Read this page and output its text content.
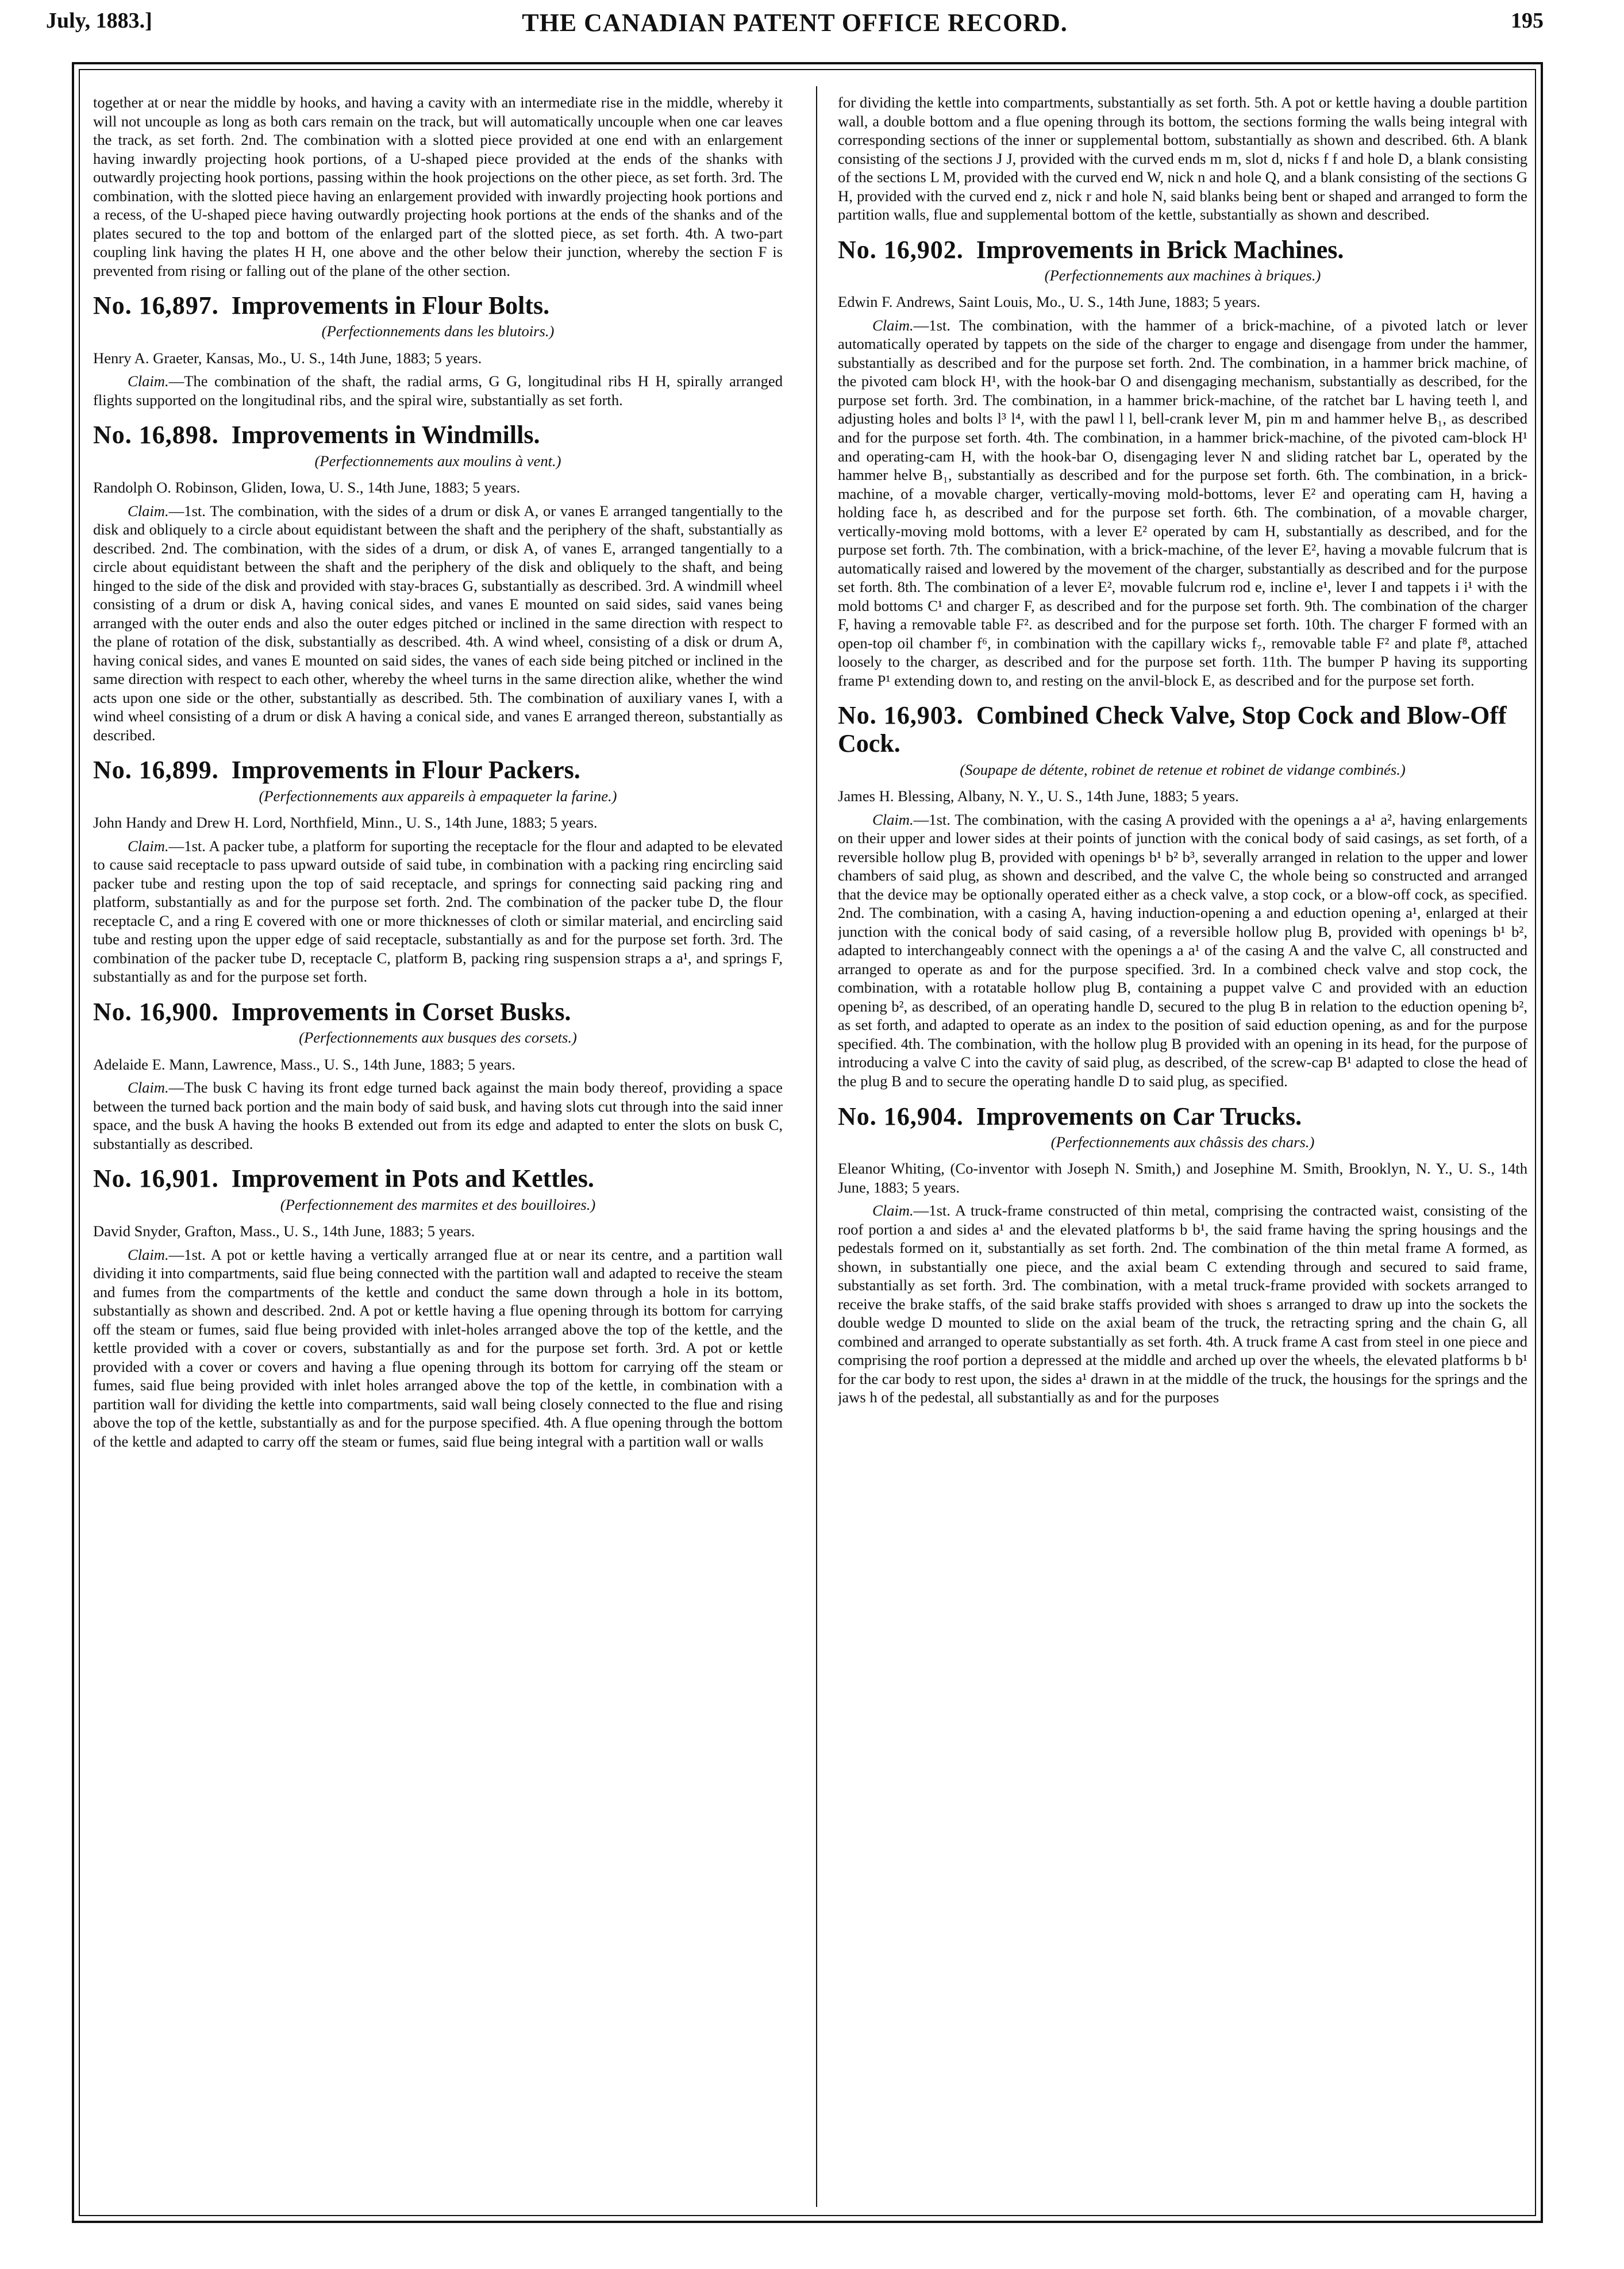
July, 1883.]	THE CANADIAN PATENT OFFICE RECORD.	195

together at or near the middle by hooks, and having a cavity with an intermediate rise in the middle, whereby it will not uncouple as long as both cars remain on the track, but will automatically uncouple when one car leaves the track, as set forth. 2nd. The combination with a slotted piece provided at one end with an enlargement having inwardly projecting hook portions, of a U-shaped piece provided at the ends of the shanks with outwardly projecting hook portions, passing within the hook projections on the other piece, as set forth. 3rd. The combination, with the slotted piece having an enlargement provided with inwardly projecting hook portions and a recess, of the U-shaped piece having outwardly projecting hook portions at the ends of the shanks and of the plates secured to the top and bottom of the enlarged part of the slotted piece, as set forth. 4th. A two-part coupling link having the plates H H, one above and the other below their junction, whereby the section F is prevented from rising or falling out of the plane of the other section.

No. 16,897. Improvements in Flour Bolts.

(Perfectionnements dans les blutoirs.)

Henry A. Graeter, Kansas, Mo., U. S., 14th June, 1883; 5 years.

Claim.—The combination of the shaft, the radial arms, G G, longitudinal ribs H H, spirally arranged flights supported on the longitudinal ribs, and the spiral wire, substantially as set forth.

No. 16,898. Improvements in Windmills.

(Perfectionnements aux moulins à vent.)

Randolph O. Robinson, Gliden, Iowa, U. S., 14th June, 1883; 5 years.

Claim.—1st. The combination, with the sides of a drum or disk A, or vanes E arranged tangentially to the disk and obliquely to a circle about equidistant between the shaft and the periphery of the shaft, substantially as described. 2nd. The combination, with the sides of a drum, or disk A, of vanes E, arranged tangentially to a circle about equidistant between the shaft and the periphery of the disk and obliquely to the shaft, and being hinged to the side of the disk and provided with stay-braces G, substantially as described. 3rd. A windmill wheel consisting of a drum or disk A, having conical sides, and vanes E mounted on said sides, said vanes being arranged with the outer ends and also the outer edges pitched or inclined in the same direction with respect to the plane of rotation of the disk, substantially as described. 4th. A wind wheel, consisting of a disk or drum A, having conical sides, and vanes E mounted on said sides, the vanes of each side being pitched or inclined in the same direction with respect to each other, whereby the wheel turns in the same direction alike, whether the wind acts upon one side or the other, substantially as described. 5th. The combination of auxiliary vanes I, with a wind wheel consisting of a drum or disk A having a conical side, and vanes E arranged thereon, substantially as described.

No. 16,899. Improvements in Flour Packers.

(Perfectionnements aux appareils à empaqueter la farine.)

John Handy and Drew H. Lord, Northfield, Minn., U. S., 14th June, 1883; 5 years.

Claim.—1st. A packer tube, a platform for suporting the receptacle for the flour and adapted to be elevated to cause said receptacle to pass upward outside of said tube, in combination with a packing ring encircling said packer tube and resting upon the top of said receptacle, and springs for connecting said packing ring and platform, substantially as and for the purpose set forth. 2nd. The combination of the packer tube D, the flour receptacle C, and a ring E covered with one or more thicknesses of cloth or similar material, and encircling said tube and resting upon the upper edge of said receptacle, substantially as and for the purpose set forth. 3rd. The combination of the packer tube D, receptacle C, platform B, packing ring suspension straps a a¹, and springs F, substantially as and for the purpose set forth.

No. 16,900. Improvements in Corset Busks.

(Perfectionnements aux busques des corsets.)

Adelaide E. Mann, Lawrence, Mass., U. S., 14th June, 1883; 5 years.

Claim.—The busk C having its front edge turned back against the main body thereof, providing a space between the turned back portion and the main body of said busk, and having slots cut through into the said inner space, and the busk A having the hooks B extended out from its edge and adapted to enter the slots on busk C, substantially as described.

No. 16,901. Improvement in Pots and Kettles.

(Perfectionnement des marmites et des bouilloires.)

David Snyder, Grafton, Mass., U. S., 14th June, 1883; 5 years.

Claim.—1st. A pot or kettle having a vertically arranged flue at or near its centre, and a partition wall dividing it into compartments, said flue being connected with the partition wall and adapted to receive the steam and fumes from the compartments of the kettle and conduct the same down through a hole in its bottom, substantially as shown and described. 2nd. A pot or kettle having a flue opening through its bottom for carrying off the steam or fumes, said flue being provided with inlet-holes arranged above the top of the kettle, and the kettle provided with a cover or covers, substantially as and for the purpose set forth. 3rd. A pot or kettle provided with a cover or covers and having a flue opening through its bottom for carrying off the steam or fumes, said flue being provided with inlet holes arranged above the top of the kettle, in combination with a partition wall for dividing the kettle into compartments, said wall being closely connected to the flue and rising above the top of the kettle, substantially as and for the purpose specified. 4th. A flue opening through the bottom of the kettle and adapted to carry off the steam or fumes, said flue being integral with a partition wall or walls

for dividing the kettle into compartments, substantially as set forth. 5th. A pot or kettle having a double partition wall, a double bottom and a flue opening through its bottom, the sections forming the walls being integral with corresponding sections of the inner or supplemental bottom, substantially as shown and described. 6th. A blank consisting of the sections J J, provided with the curved ends m m, slot d, nicks f f and hole D, a blank consisting of the sections L M, provided with the curved end W, nick n and hole Q, and a blank consisting of the sections G H, provided with the curved end z, nick r and hole N, said blanks being bent or shaped and arranged to form the partition walls, flue and supplemental bottom of the kettle, substantially as shown and described.

No. 16,902. Improvements in Brick Machines.

(Perfectionnements aux machines à briques.)

Edwin F. Andrews, Saint Louis, Mo., U. S., 14th June, 1883; 5 years.

Claim.—1st. The combination, with the hammer of a brick-machine, of a pivoted latch or lever automatically operated by tappets on the side of the charger to engage and disengage from under the hammer, substantially as described and for the purpose set forth. 2nd. The combination, in a hammer brick machine, of the pivoted cam block H¹, with the hook-bar O and disengaging mechanism, substantially as described, for the purpose set forth. 3rd. The combination, in a hammer brick-machine, of the ratchet bar L having teeth l, and adjusting holes and bolts l³ l⁴, with the pawl l l, bell-crank lever M, pin m and hammer helve B₁, as described and for the purpose set forth. 4th. The combination, in a hammer brick-machine, of the pivoted cam-block H¹ and operating-cam H, with the hook-bar O, disengaging lever N and sliding ratchet bar L, operated by the hammer helve B₁, substantially as described and for the purpose set forth. 6th. The combination, in a brick-machine, of a movable charger, vertically-moving mold-bottoms, lever E² and operating cam H, having a holding face h, as described and for the purpose set forth. 6th. The combination, of a movable charger, vertically-moving mold bottoms, with a lever E² operated by cam H, substantially as described, and for the purpose set forth. 7th. The combination, with a brick-machine, of the lever E², having a movable fulcrum that is automatically raised and lowered by the movement of the charger, substantially as described and for the purpose set forth. 8th. The combination of a lever E², movable fulcrum rod e, incline e¹, lever I and tappets i i¹ with the mold bottoms C¹ and charger F, as described and for the purpose set forth. 9th. The combination of the charger F, having a removable table F². as described and for the purpose set forth. 10th. The charger F formed with an open-top oil chamber f⁶, in combination with the capillary wicks f₇, removable table F² and plate f⁸, attached loosely to the charger, as described and for the purpose set forth. 11th. The bumper P having its supporting frame P¹ extending down to, and resting on the anvil-block E, as described and for the purpose set forth.

No. 16,903. Combined Check Valve, Stop Cock and Blow-Off Cock.

(Soupape de détente, robinet de retenue et robinet de vidange combinés.)

James H. Blessing, Albany, N. Y., U. S., 14th June, 1883; 5 years.

Claim.—1st. The combination, with the casing A provided with the openings a a¹ a², having enlargements on their upper and lower sides at their points of junction with the conical body of said casings, as set forth, of a reversible hollow plug B, provided with openings b¹ b² b³, severally arranged in relation to the upper and lower chambers of said plug, as shown and described, and the valve C, the whole being so constructed and arranged that the device may be optionally operated either as a check valve, a stop cock, or a blow-off cock, as specified. 2nd. The combination, with a casing A, having induction-opening a and eduction opening a¹, enlarged at their junction with the conical body of said casing, of a reversible hollow plug B, provided with openings b¹ b², adapted to interchangeably connect with the openings a a¹ of the casing A and the valve C, all constructed and arranged to operate as and for the purpose specified. 3rd. In a combined check valve and stop cock, the combination, with a rotatable hollow plug B, containing a puppet valve C and provided with an eduction opening b², as described, of an operating handle D, secured to the plug B in relation to the eduction opening b², as set forth, and adapted to operate as an index to the position of said eduction opening, as and for the purpose specified. 4th. The combination, with the hollow plug B provided with an opening in its head, for the purpose of introducing a valve C into the cavity of said plug, as described, of the screw-cap B¹ adapted to close the head of the plug B and to secure the operating handle D to said plug, as specified.

No. 16,904. Improvements on Car Trucks.

(Perfectionnements aux châssis des chars.)

Eleanor Whiting, (Co-inventor with Joseph N. Smith,) and Josephine M. Smith, Brooklyn, N. Y., U. S., 14th June, 1883; 5 years.

Claim.—1st. A truck-frame constructed of thin metal, comprising the contracted waist, consisting of the roof portion a and sides a¹ and the elevated platforms b b¹, the said frame having the spring housings and the pedestals formed on it, substantially as set forth. 2nd. The combination of the thin metal frame A formed, as shown, in substantially one piece, and the axial beam C extending through and secured to said frame, substantially as set forth. 3rd. The combination, with a metal truck-frame provided with sockets arranged to receive the brake staffs, of the said brake staffs provided with shoes s arranged to draw up into the sockets the double wedge D mounted to slide on the axial beam of the truck, the retracting spring and the chain G, all combined and arranged to operate substantially as set forth. 4th. A truck frame A cast from steel in one piece and comprising the roof portion a depressed at the middle and arched up over the wheels, the elevated platforms b b¹ for the car body to rest upon, the sides a¹ drawn in at the middle of the truck, the housings for the springs and the jaws h of the pedestal, all substantially as and for the purposes
